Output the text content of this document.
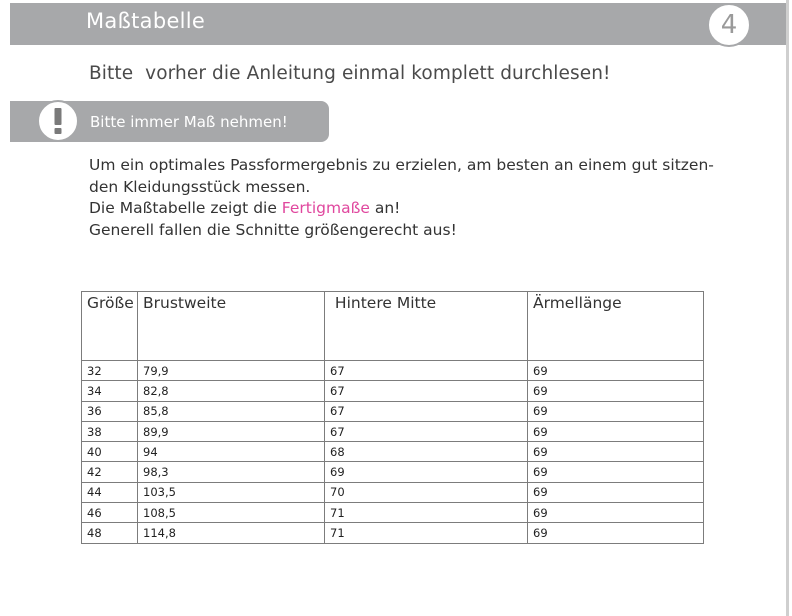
Maßtabelle	4
Bitte  vorher die Anleitung einmal komplett durchlesen!
Bitte immer Maß nehmen!
Um ein optimales Passformergebnis zu erzielen, am besten an einem gut sitzen-
den Kleidungsstück messen.
Die Maßtabelle zeigt die Fertigmaße an!
Generell fallen die Schnitte größengerecht aus!
Größe	Brustweite	Hintere Mitte	Ärmellänge
32	79,9	67	69
34	82,8	67	69
36	85,8	67	69
38	89,9	67	69
40	94	68	69
42	98,3	69	69
44	103,5	70	69
46	108,5	71	69
48	114,8	71	69
